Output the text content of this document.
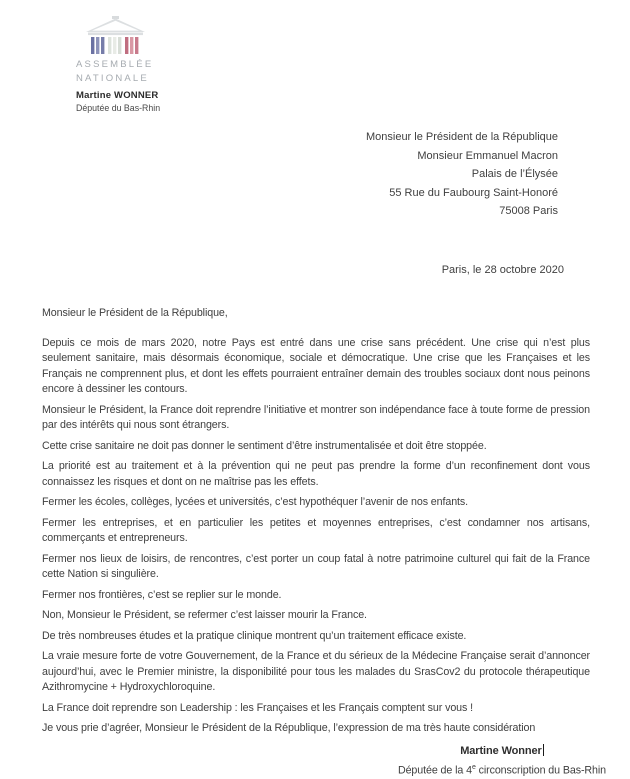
ASSEMBLÉE
NATIONALE
Martine WONNER
Députée du Bas-Rhin
Monsieur le Président de la République
Monsieur Emmanuel Macron
Palais de l’Élysée
55 Rue du Faubourg Saint-Honoré
75008 Paris
Paris, le 28 octobre 2020

Monsieur le Président de la République,

Depuis ce mois de mars 2020, notre Pays est entré dans une crise sans précédent. Une crise qui n’est plus seulement sanitaire, mais désormais économique, sociale et démocratique. Une crise que les Françaises et les Français ne comprennent plus, et dont les effets pourraient entraîner demain des troubles sociaux dont nous peinons encore à dessiner les contours.

Monsieur le Président, la France doit reprendre l’initiative et montrer son indépendance face à toute forme de pression par des intérêts qui nous sont étrangers.

Cette crise sanitaire ne doit pas donner le sentiment d’être instrumentalisée et doit être stoppée.

La priorité est au traitement et à la prévention qui ne peut pas prendre la forme d’un reconfinement dont vous connaissez les risques et dont on ne maîtrise pas les effets.

Fermer les écoles, collèges, lycées et universités, c’est hypothéquer l’avenir de nos enfants.

Fermer les entreprises, et en particulier les petites et moyennes entreprises, c’est condamner nos artisans, commerçants et entrepreneurs.

Fermer nos lieux de loisirs, de rencontres, c’est porter un coup fatal à notre patrimoine culturel qui fait de la France cette Nation si singulière.

Fermer nos frontières, c’est se replier sur le monde.

Non, Monsieur le Président, se refermer c’est laisser mourir la France.

De très nombreuses études et la pratique clinique montrent qu’un traitement efficace existe.

La vraie mesure forte de votre Gouvernement, de la France et du sérieux de la Médecine Française serait d’annoncer aujourd’hui, avec le Premier ministre, la disponibilité pour tous les malades du SrasCov2 du protocole thérapeutique Azithromycine + Hydroxychloroquine.

La France doit reprendre son Leadership : les Françaises et les Français comptent sur vous !

Je vous prie d’agréer, Monsieur le Président de la République, l’expression de ma très haute considération

Martine Wonner
Députée de la 4e circonscription du Bas-Rhin
